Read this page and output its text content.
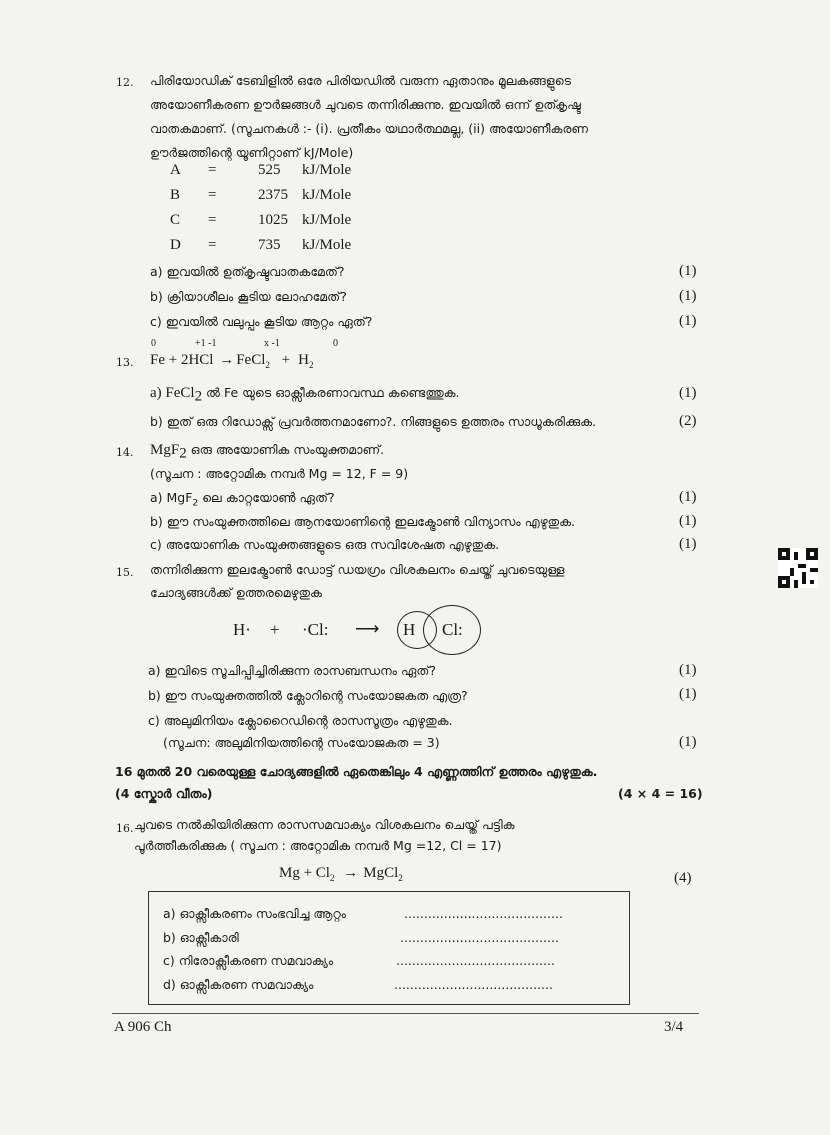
12. പിരിയോഡിക് ടേബിളിൽ ഒരേ പിരിയഡിൽ വരുന്ന ഏതാനും മൂലകങ്ങളുടെ
അയോണീകരണ ഊർജങ്ങൾ ചുവടെ തന്നിരിക്കുന്നു. ഇവയിൽ ഒന്ന് ഉത്കൃഷ്ട
വാതകമാണ്. (സൂചനകൾ :- (i). പ്രതീകം യഥാർത്ഥമല്ല, (ii) അയോണീകരണ
ഊർജത്തിന്റെ യൂണിറ്റാണ് kJ/Mole)
A =	525 kJ/Mole
B =	2375 kJ/Mole
C =	1025 kJ/Mole
D =	735 kJ/Mole
a) ഇവയിൽ ഉത്കൃഷ്ടവാതകമേത്?	(1)
b) ക്രിയാശീലം കൂടിയ ലോഹമേത്?	(1)
c) ഇവയിൽ വലുപ്പം കൂടിയ ആറ്റം ഏത്?	(1)
13.
0	+1 -1	x -1	0
Fe + 2HCl → FeCl$_2$ + $H_2$
a) FeCl$_2$ ൽ Fe യുടെ ഓക്സീകരണാവസ്ഥ കണ്ടെത്തുക.	(1)
b) ഇത് ഒരു റിഡോക്സ് പ്രവർത്തനമാണോ?. നിങ്ങളുടെ ഉത്തരം സാധൂകരിക്കുക.	(2)
14. MgF$_2$ ഒരു അയോണിക സംയുക്തമാണ്.
(സൂചന : അറ്റോമിക നമ്പർ Mg = 12, F = 9)
a) MgF$_2$ ലെ കാറ്റയോൺ ഏത്?	(1)
b) ഈ സംയുക്തത്തിലെ ആനയോണിന്റെ ഇലക്ട്രോൺ വിന്യാസം എഴുതുക.	(1)
c) അയോണിക സംയുക്തങ്ങളുടെ ഒരു സവിശേഷത എഴുതുക.	(1)
15. തന്നിരിക്കുന്ന ഇലക്ട്രോൺ ഡോട്ട് ഡയഗ്രം വിശകലനം ചെയ്ത് ചുവടെയുള്ള
ചോദ്യങ്ങൾക്ക് ഉത്തരമെഴുതുക
H· + ·Cl: ⟶ H Cl:
a) ഇവിടെ സൂചിപ്പിച്ചിരിക്കുന്ന രാസബന്ധനം ഏത്?	(1)
b) ഈ സംയുക്തത്തിൽ ക്ലോറിന്റെ സംയോജകത എത്ര?	(1)
c) അലുമിനിയം ക്ലോറൈഡിന്റെ രാസസൂത്രം എഴുതുക.
(സൂചന: അലുമിനിയത്തിന്റെ സംയോജകത = 3)	(1)
16 മുതൽ 20 വരെയുള്ള ചോദ്യങ്ങളിൽ ഏതെങ്കിലും 4 എണ്ണത്തിന് ഉത്തരം എഴുതുക.
(4 സ്കോർ വീതം)	(4 × 4 = 16)
16. ചുവടെ നൽകിയിരിക്കുന്ന രാസസമവാക്യം വിശകലനം ചെയ്ത് പട്ടിക
പൂർത്തീകരിക്കുക ( സൂചന : അറ്റോമിക നമ്പർ Mg =12, Cl = 17)
$Mg + Cl_2$ → MgCl$_2$	(4)
a) ഓക്സീകരണം സംഭവിച്ച ആറ്റം	........................................
b) ഓക്സീകാരി	........................................
c) നിരോക്സീകരണ സമവാക്യം	........................................
d) ഓക്സീകരണ സമവാക്യം	........................................
A 906 Ch	3/4
